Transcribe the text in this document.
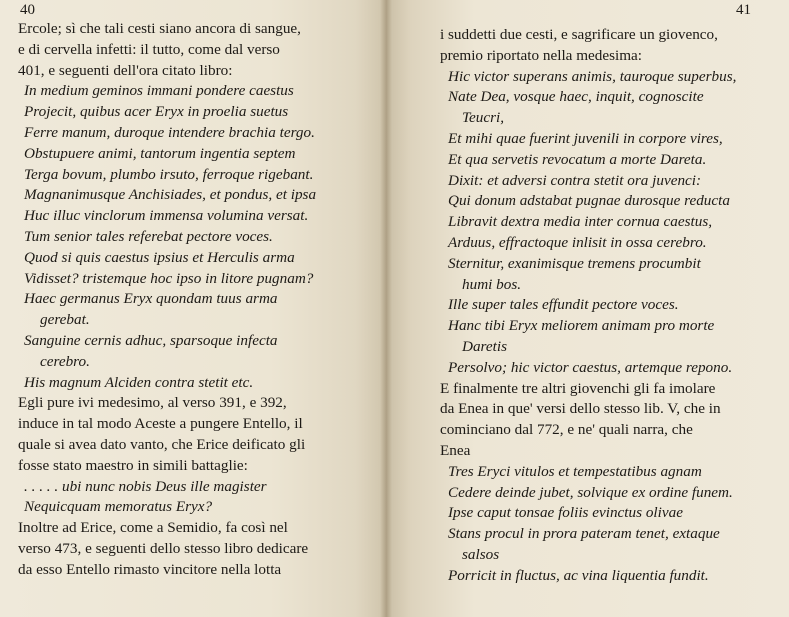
40
Ercole; sì che tali cesti siano ancora di sangue,
e di cervella infetti: il tutto, come dal verso
401, e seguenti dell'ora citato libro:
In medium geminos immani pondere caestus
Projecit, quibus acer Eryx in proelia suetus
Ferre manum, duroque intendere brachia tergo.
Obstupuere animi, tantorum ingentia septem
Terga bovum, plumbo irsuto, ferroque rigebant.
Magnanimusque Anchisiades, et pondus, et ipsa
Huc illuc vinclorum immensa volumina versat.
Tum senior tales referebat pectore voces.
Quod si quis caestus ipsius et Herculis arma
Vidisset? tristemque hoc ipso in litore pugnam?
Haec germanus Eryx quondam tuus arma
gerebat.
Sanguine cernis adhuc, sparsoque infecta
cerebro.
His magnum Alciden contra stetit etc.
Egli pure ivi medesimo, al verso 391, e 392,
induce in tal modo Aceste a pungere Entello, il
quale si avea dato vanto, che Erice deificato gli
fosse stato maestro in simili battaglie:
. . . . . ubi nunc nobis Deus ille magister
Nequicquam memoratus Eryx?
Inoltre ad Erice, come a Semidio, fa così nel
verso 473, e seguenti dello stesso libro dedicare
da esso Entello rimasto vincitore nella lotta
41
i suddetti due cesti, e sagrificare un giovenco,
premio riportato nella medesima:
Hic victor superans animis, tauroque superbus,
Nate Dea, vosque haec, inquit, cognoscite
Teucri,
Et mihi quae fuerint juvenili in corpore vires,
Et qua servetis revocatum a morte Dareta.
Dixit: et adversi contra stetit ora juvenci:
Qui donum adstabat pugnae durosque reducta
Libravit dextra media inter cornua caestus,
Arduus, effractoque inlisit in ossa cerebro.
Sternitur, exanimisque tremens procumbit
humi bos.
Ille super tales effundit pectore voces.
Hanc tibi Eryx meliorem animam pro morte
Daretis
Persolvo; hic victor caestus, artemque repono.
E finalmente tre altri giovenchi gli fa imolare
da Enea in que' versi dello stesso lib. V, che in
cominciano dal 772, e ne' quali narra, che
Enea
Tres Eryci vitulos et tempestatibus agnam
Cedere deinde jubet, solvique ex ordine funem.
Ipse caput tonsae foliis evinctus olivae
Stans procul in prora pateram tenet, extaque
salsos
Porricit in fluctus, ac vina liquentia fundit.
